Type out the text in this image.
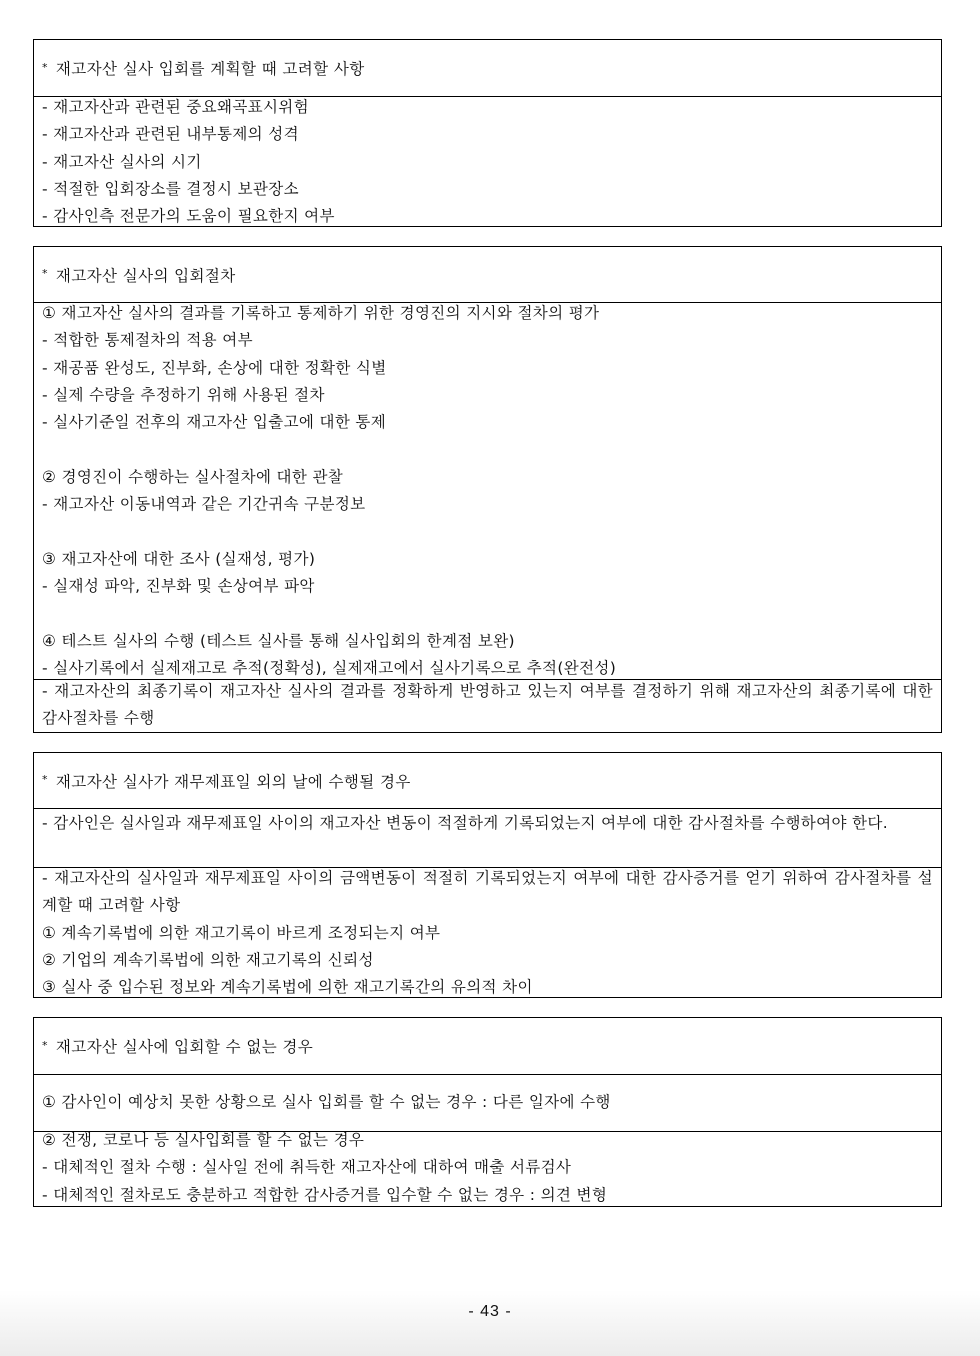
* 재고자산 실사 입회를 계획할 때 고려할 사항
- 재고자산과 관련된 중요왜곡표시위험
- 재고자산과 관련된 내부통제의 성격
- 재고자산 실사의 시기
- 적절한 입회장소를 결정시 보관장소
- 감사인측 전문가의 도움이 필요한지 여부
* 재고자산 실사의 입회절차
① 재고자산 실사의 결과를 기록하고 통제하기 위한 경영진의 지시와 절차의 평가
- 적합한 통제절차의 적용 여부
- 재공품 완성도, 진부화, 손상에 대한 정확한 식별
- 실제 수량을 추정하기 위해 사용된 절차
- 실사기준일 전후의 재고자산 입출고에 대한 통제
② 경영진이 수행하는 실사절차에 대한 관찰
- 재고자산 이동내역과 같은 기간귀속 구분정보
③ 재고자산에 대한 조사 (실재성, 평가)
- 실재성 파악, 진부화 및 손상여부 파악
④ 테스트 실사의 수행 (테스트 실사를 통해 실사입회의 한계점 보완)
- 실사기록에서 실제재고로 추적(정확성), 실제재고에서 실사기록으로 추적(완전성)
- 재고자산의 최종기록이 재고자산 실사의 결과를 정확하게 반영하고 있는지 여부를 결정하기 위해 재고자산의 최종기록에 대한 감사절차를 수행
* 재고자산 실사가 재무제표일 외의 날에 수행될 경우
- 감사인은 실사일과 재무제표일 사이의 재고자산 변동이 적절하게 기록되었는지 여부에 대한 감사절차를 수행하여야 한다.
- 재고자산의 실사일과 재무제표일 사이의 금액변동이 적절히 기록되었는지 여부에 대한 감사증거를 얻기 위하여 감사절차를 설계할 때 고려할 사항
① 계속기록법에 의한 재고기록이 바르게 조정되는지 여부
② 기업의 계속기록법에 의한 재고기록의 신뢰성
③ 실사 중 입수된 정보와 계속기록법에 의한 재고기록간의 유의적 차이
* 재고자산 실사에 입회할 수 없는 경우
① 감사인이 예상치 못한 상황으로 실사 입회를 할 수 없는 경우 : 다른 일자에 수행
② 전쟁, 코로나 등 실사입회를 할 수 없는 경우
- 대체적인 절차 수행 : 실사일 전에 취득한 재고자산에 대하여 매출 서류검사
- 대체적인 절차로도 충분하고 적합한 감사증거를 입수할 수 없는 경우 : 의견 변형
- 43 -
